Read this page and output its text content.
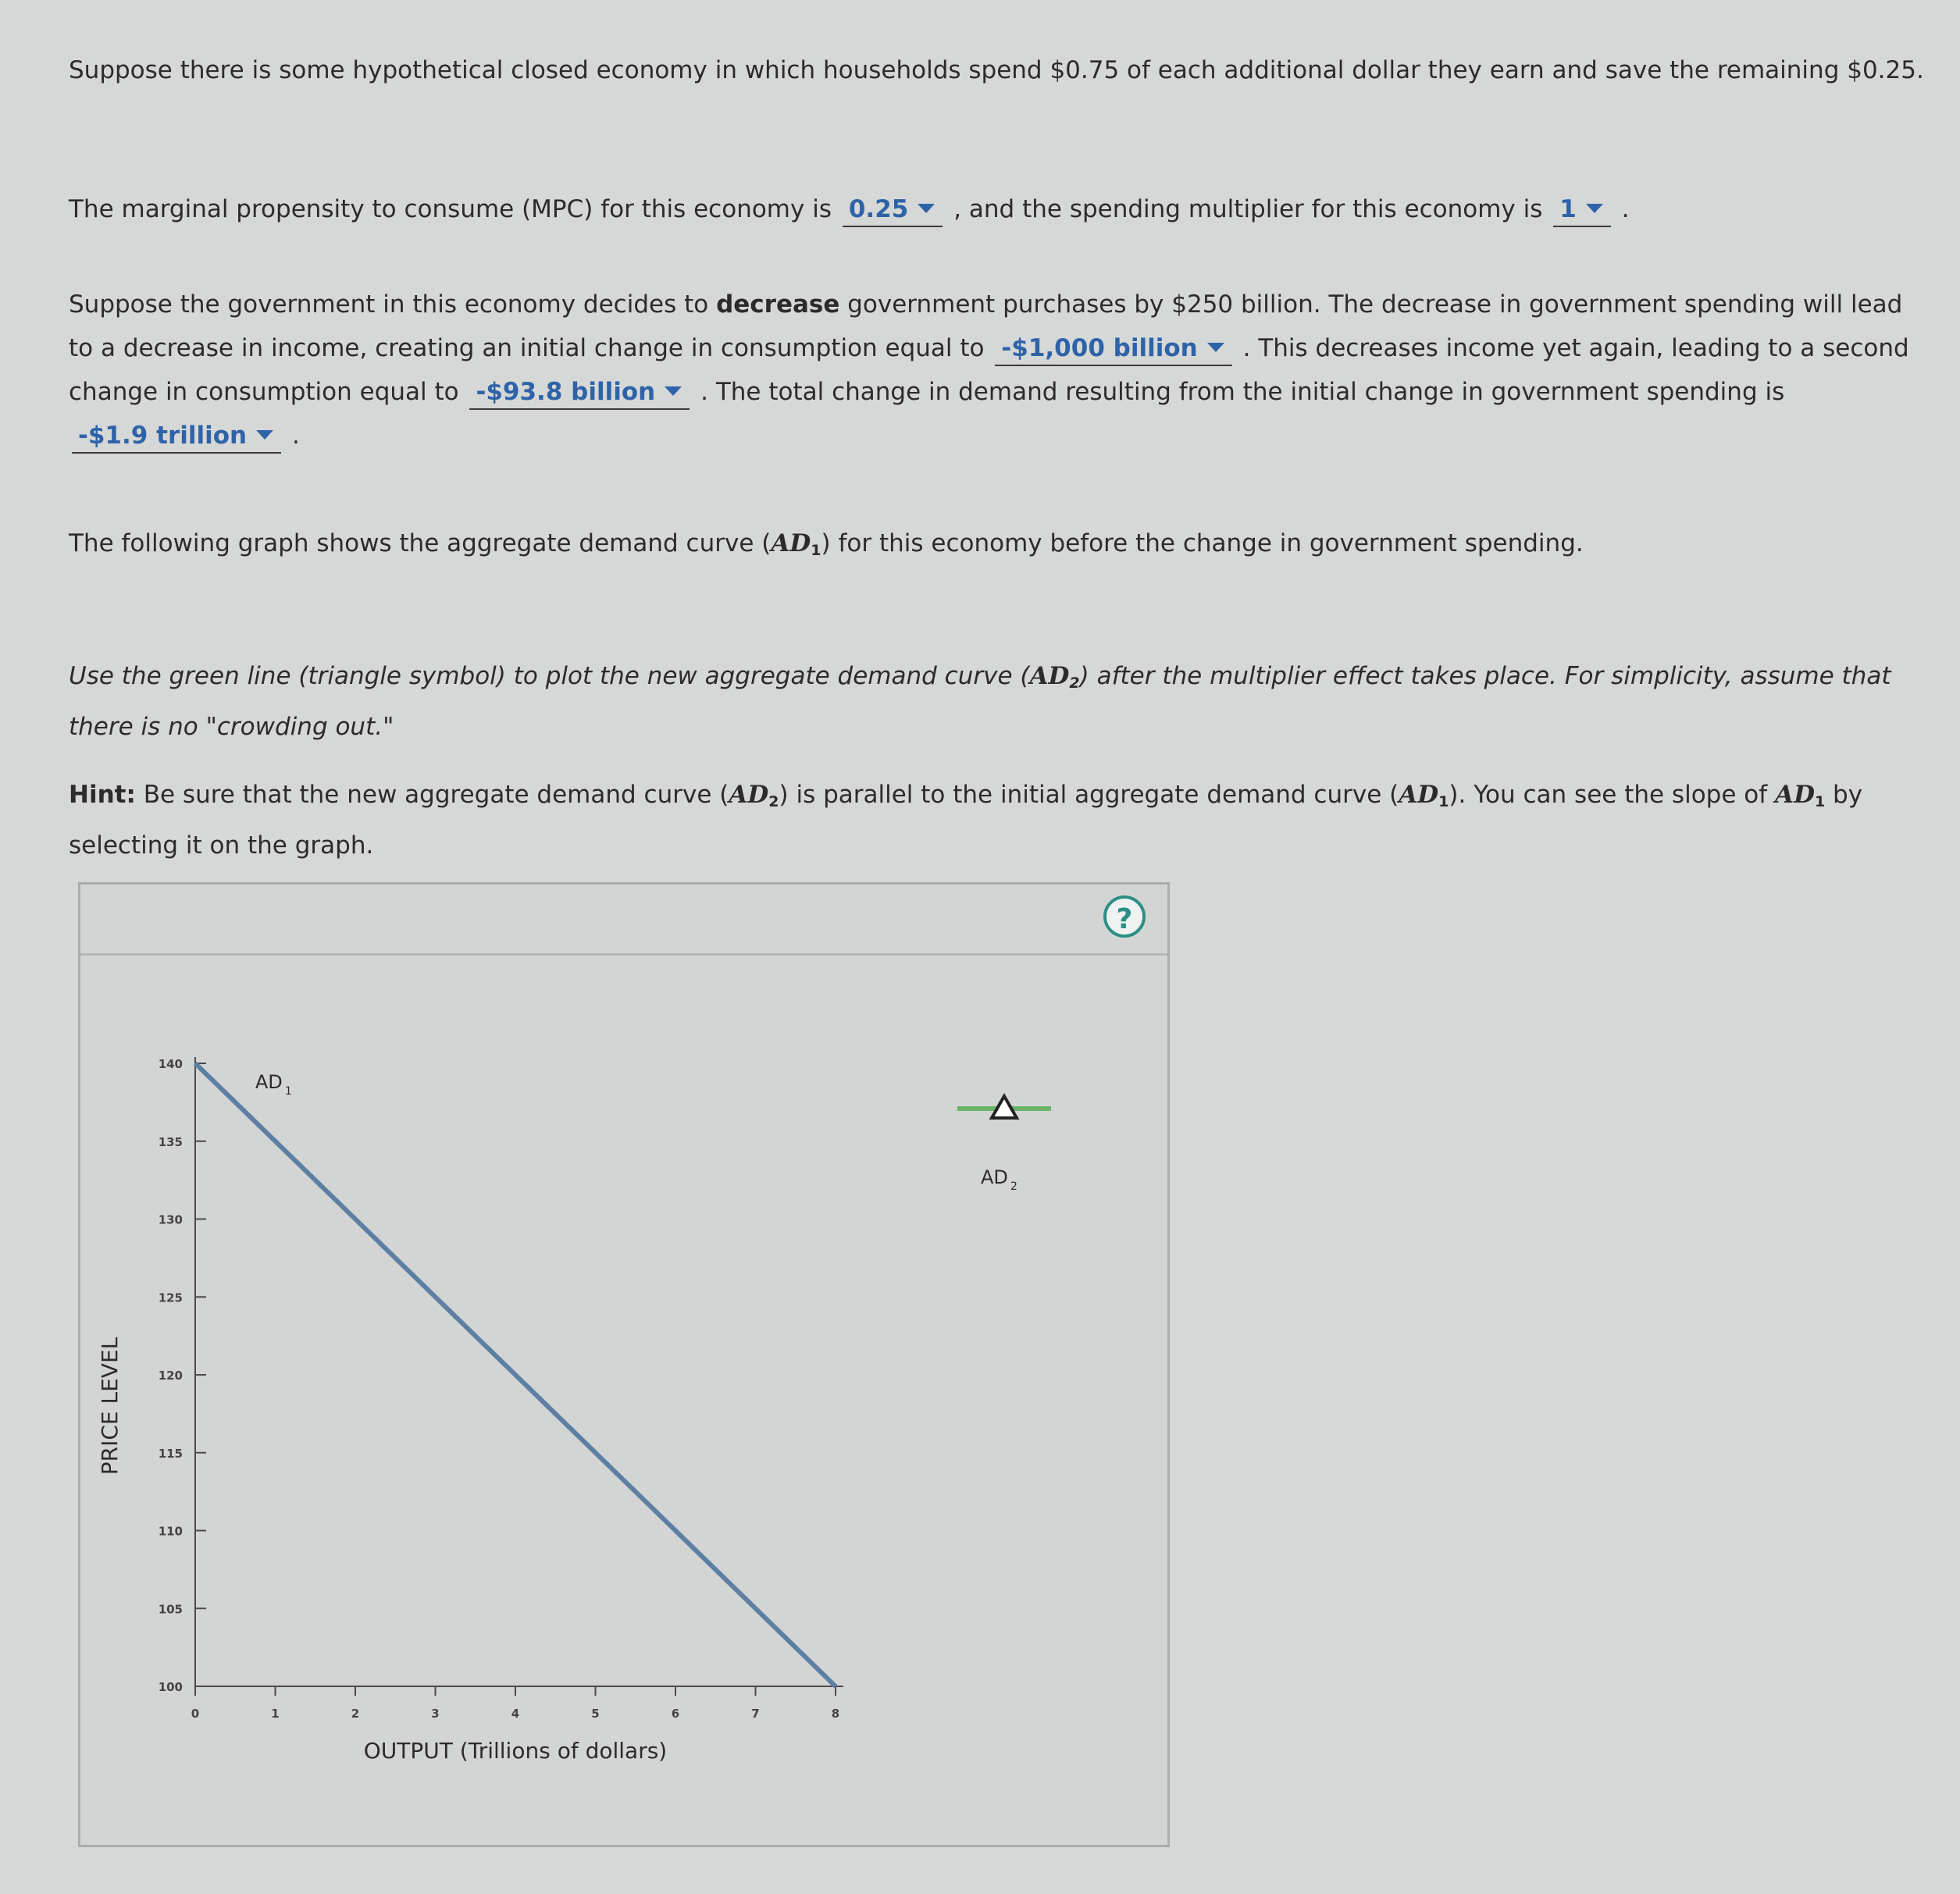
Suppose there is some hypothetical closed economy in which households spend $0.75 of each additional dollar they earn and save the remaining $0.25.
The marginal propensity to consume (MPC) for this economy is 0.25 , and the spending multiplier for this economy is 1 .
Suppose the government in this economy decides to decrease government purchases by $250 billion. The decrease in government spending will lead to a decrease in income, creating an initial change in consumption equal to -$1,000 billion . This decreases income yet again, leading to a second change in consumption equal to -$93.8 billion . The total change in demand resulting from the initial change in government spending is -$1.9 trillion .
The following graph shows the aggregate demand curve $(AD_1)$ for this economy before the change in government spending.
Use the green line (triangle symbol) to plot the new aggregate demand curve $(AD_2)$ after the multiplier effect takes place. For simplicity, assume that there is no "crowding out."
Hint: Be sure that the new aggregate demand curve $(AD_2)$ is parallel to the initial aggregate demand curve $(AD_1)$. You can see the slope of $AD_1$ by selecting it on the graph.
?
0	1	2	3	4	5	6	7	8
100
105
110
115
120
125
130
135
140
AD 1
AD 2
OUTPUT (Trillions of dollars)
PRICE LEVEL
